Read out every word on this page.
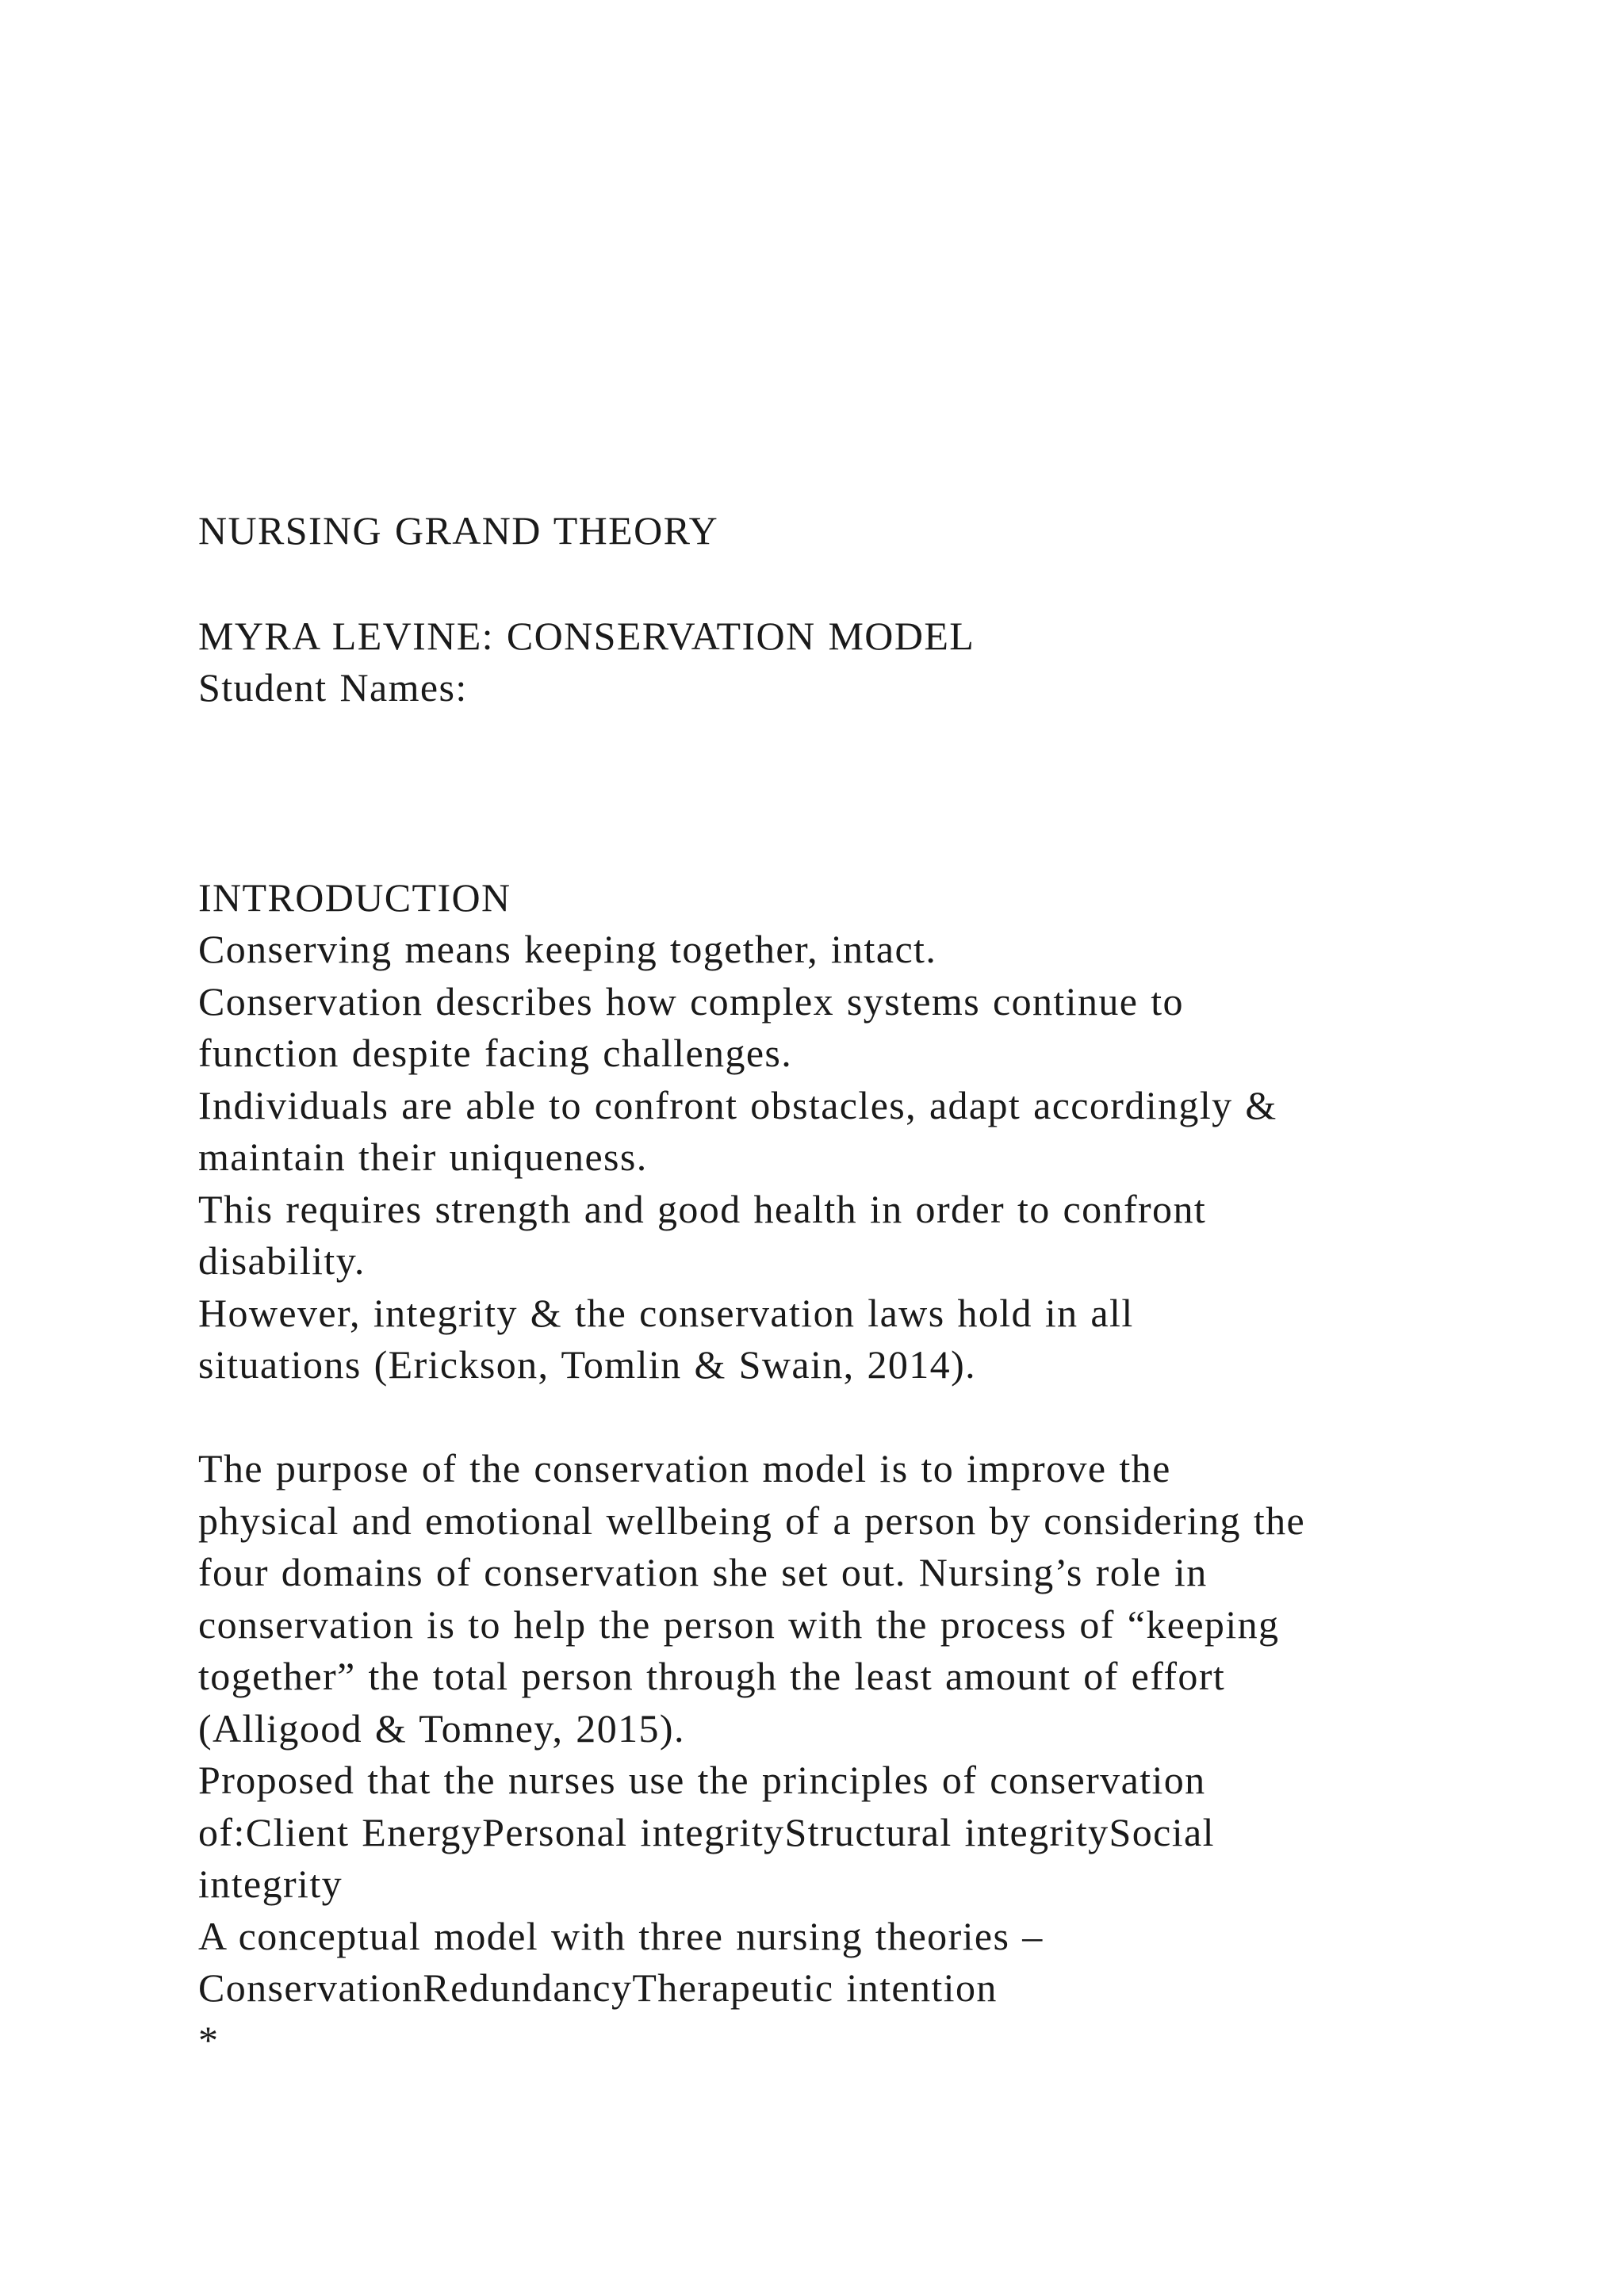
NURSING GRAND THEORY
MYRA LEVINE: CONSERVATION MODEL
Student Names:
INTRODUCTION
Conserving means keeping together, intact.
Conservation describes how complex systems continue to
function despite facing challenges.
Individuals are able to confront obstacles, adapt accordingly &
maintain their uniqueness.
This requires strength and good health in order to confront
disability.
However, integrity & the conservation laws hold in all
situations (Erickson, Tomlin & Swain, 2014).
The purpose of the conservation model is to improve the
physical and emotional wellbeing of a person by considering the
four domains of conservation she set out. Nursing’s role in
conservation is to help the person with the process of “keeping
together” the total person through the least amount of effort
(Alligood & Tomney, 2015).
Proposed that the nurses use the principles of conservation
of:Client EnergyPersonal integrityStructural integritySocial
integrity
A conceptual model with three nursing theories –
ConservationRedundancyTherapeutic intention
*
